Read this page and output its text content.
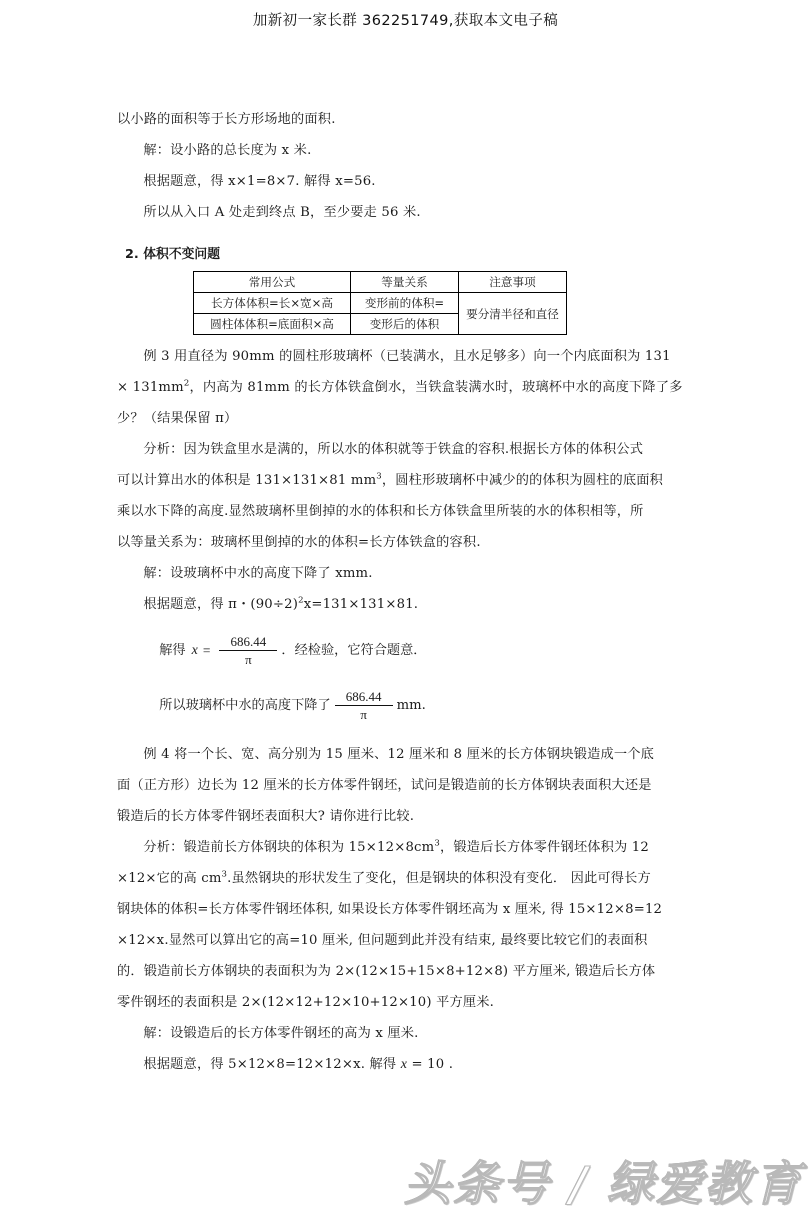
加新初一家长群 362251749,获取本文电子稿

以小路的面积等于长方形场地的面积.

解：设小路的总长度为 x 米.

根据题意，得 x×1=8×7. 解得 x=56.

所以从入口 A 处走到终点 B，至少要走 56 米.

2. 体积不变问题
常用公式	等量关系	注意事项
长方体体积=长×宽×高	变形前的体积=	要分清半径和直径
圆柱体体积=底面积×高	变形后的体积	

例 3 用直径为 90mm 的圆柱形玻璃杯（已装满水，且水足够多）向一个内底面积为 131

× $131mm^2$，内高为 81mm 的长方体铁盒倒水，当铁盒装满水时，玻璃杯中水的高度下降了多

少？（结果保留 π）

分析：因为铁盒里水是满的，所以水的体积就等于铁盒的容积.根据长方体的体积公式

可以计算出水的体积是 131×131×81 $mm^3$，圆柱形玻璃杯中减少的的体积为圆柱的底面积

乘以水下降的高度.显然玻璃杯里倒掉的水的体积和长方体铁盒里所装的水的体积相等，所

以等量关系为：玻璃杯里倒掉的水的体积=长方体铁盒的容积.

解：设玻璃杯中水的高度下降了 xmm.

根据题意，得 π・$(90\div 2)^2x=131\times 131\times 81$.

解得 $x = \frac{686.44}{\pi}$ ．经检验，它符合题意．
所以玻璃杯中水的高度下降了 $\frac{686.44}{\pi}$ mm.

例 4 将一个长、宽、高分别为 15 厘米、12 厘米和 8 厘米的长方体钢块锻造成一个底

面（正方形）边长为 12 厘米的长方体零件钢坯，试问是锻造前的长方体钢块表面积大还是

锻造后的长方体零件钢坯表面积大? 请你进行比较.

分析：锻造前长方体钢块的体积为 $15\times 12\times 8cm^3$，锻造后长方体零件钢坯体积为 12

×12×它的高 $cm^3$.虽然钢块的形状发生了变化，但是钢块的体积没有变化． 因此可得长方

钢块体的体积=长方体零件钢坯体积, 如果设长方体零件钢坯高为 x 厘米, 得 15×12×8=12

×12×x.显然可以算出它的高=10 厘米, 但问题到此并没有结束, 最终要比较它们的表面积

的．锻造前长方体钢块的表面积为为 2×(12×15+15×8+12×8) 平方厘米, 锻造后长方体

零件钢坯的表面积是 2×(12×12+12×10+12×10) 平方厘米.

解：设锻造后的长方体零件钢坯的高为 x 厘米.

根据题意，得 5×12×8=12×12×x. 解得 x = 10 .

头条号 / 绿爱教育
